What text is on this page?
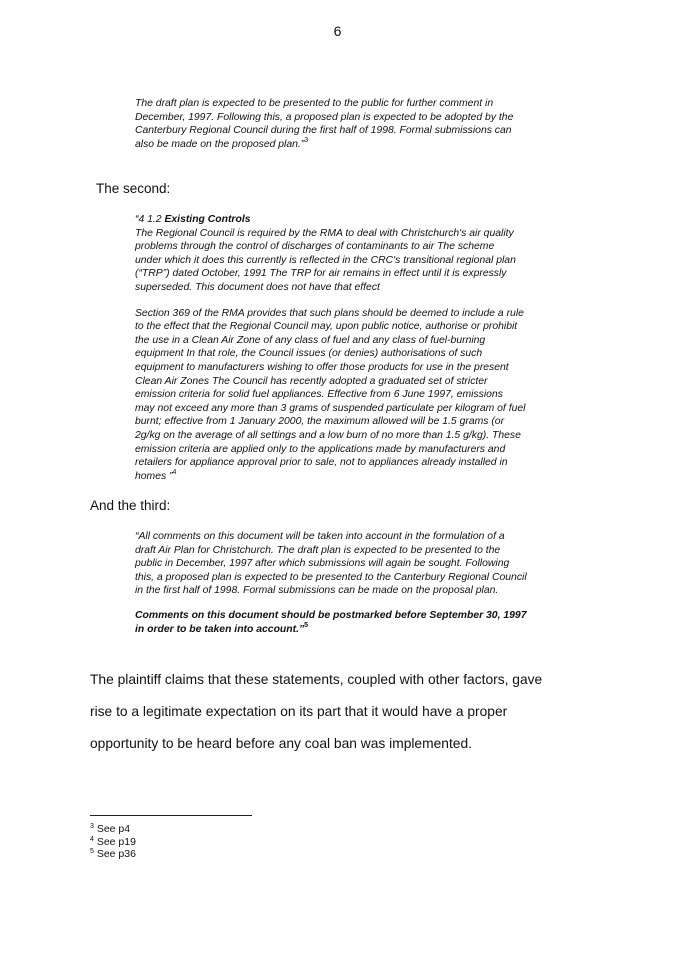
6

The draft plan is expected to be presented to the public for further comment in

December, 1997. Following this, a proposed plan is expected to be adopted by the

Canterbury Regional Council during the first half of 1998. Formal submissions can

also be made on the proposed plan.”$^3$

The second:

“4 1.2 Existing Controls

The Regional Council is required by the RMA to deal with Christchurch's air quality

problems through the control of discharges of contaminants to air The scheme

under which it does this currently is reflected in the CRC's transitional regional plan

(“TRP”) dated October, 1991 The TRP for air remains in effect until it is expressly

superseded. This document does not have that effect

Section 369 of the RMA provides that such plans should be deemed to include a rule

to the effect that the Regional Council may, upon public notice, authorise or prohibit

the use in a Clean Air Zone of any class of fuel and any class of fuel-burning

equipment In that role, the Council issues (or denies) authorisations of such

equipment to manufacturers wishing to offer those products for use in the present

Clean Air Zones The Council has recently adopted a graduated set of stricter

emission criteria for solid fuel appliances. Effective from 6 June 1997, emissions

may not exceed any more than 3 grams of suspended particulate per kilogram of fuel

burnt; effective from 1 January 2000, the maximum allowed will be 1.5 grams (or

2g/kg on the average of all settings and a low burn of no more than 1.5 g/kg). These

emission criteria are applied only to the applications made by manufacturers and

retailers for appliance approval prior to sale, not to appliances already installed in

homes ”$^4$

And the third:

“All comments on this document will be taken into account in the formulation of a

draft Air Plan for Christchurch. The draft plan is expected to be presented to the

public in December, 1997 after which submissions will again be sought. Following

this, a proposed plan is expected to be presented to the Canterbury Regional Council

in the first half of 1998. Formal submissions can be made on the proposal plan.

Comments on this document should be postmarked before September 30, 1997

in order to be taken into account.”$^5$

The plaintiff claims that these statements, coupled with other factors, gave
rise to a legitimate expectation on its part that it would have a proper
opportunity to be heard before any coal ban was implemented.

$^3$ See p4
$^4$ See p19
$^5$ See p36
